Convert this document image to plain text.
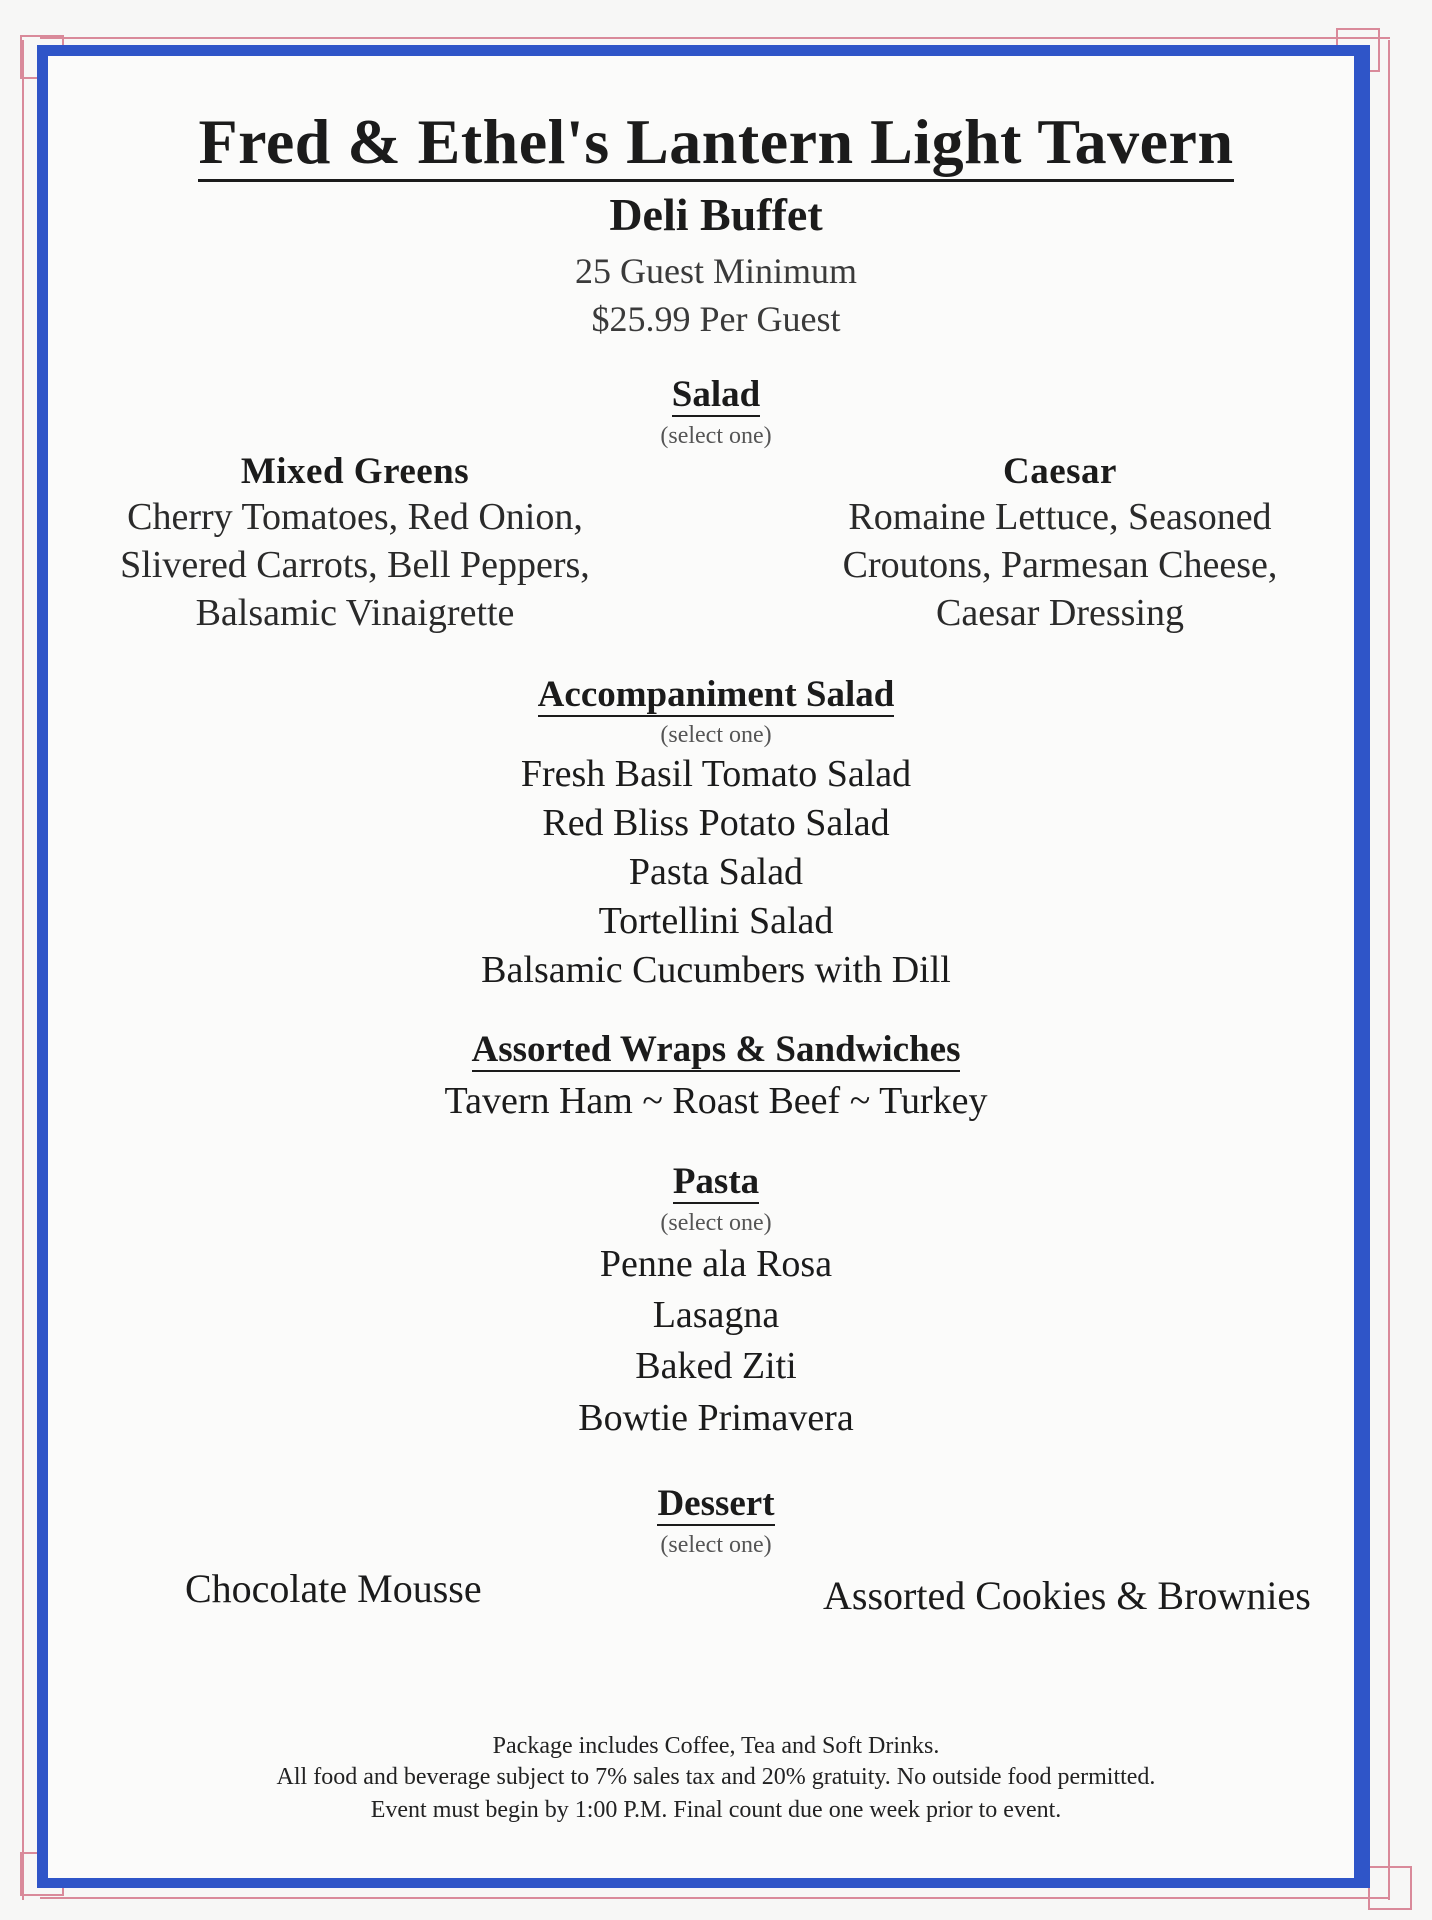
Fred & Ethel's Lantern Light Tavern
Deli Buffet
25 Guest Minimum
$25.99 Per Guest
Salad
(select one)
Mixed Greens
Cherry Tomatoes, Red Onion,
Slivered Carrots, Bell Peppers,
Balsamic Vinaigrette
Caesar
Romaine Lettuce, Seasoned
Croutons, Parmesan Cheese,
Caesar Dressing
Accompaniment Salad
(select one)
Fresh Basil Tomato Salad
Red Bliss Potato Salad
Pasta Salad
Tortellini Salad
Balsamic Cucumbers with Dill
Assorted Wraps & Sandwiches
Tavern Ham ~ Roast Beef ~ Turkey
Pasta
(select one)
Penne ala Rosa
Lasagna
Baked Ziti
Bowtie Primavera
Dessert
(select one)
Chocolate Mousse	Assorted Cookies & Brownies
Package includes Coffee, Tea and Soft Drinks.
All food and beverage subject to 7% sales tax and 20% gratuity. No outside food permitted.
Event must begin by 1:00 P.M. Final count due one week prior to event.
